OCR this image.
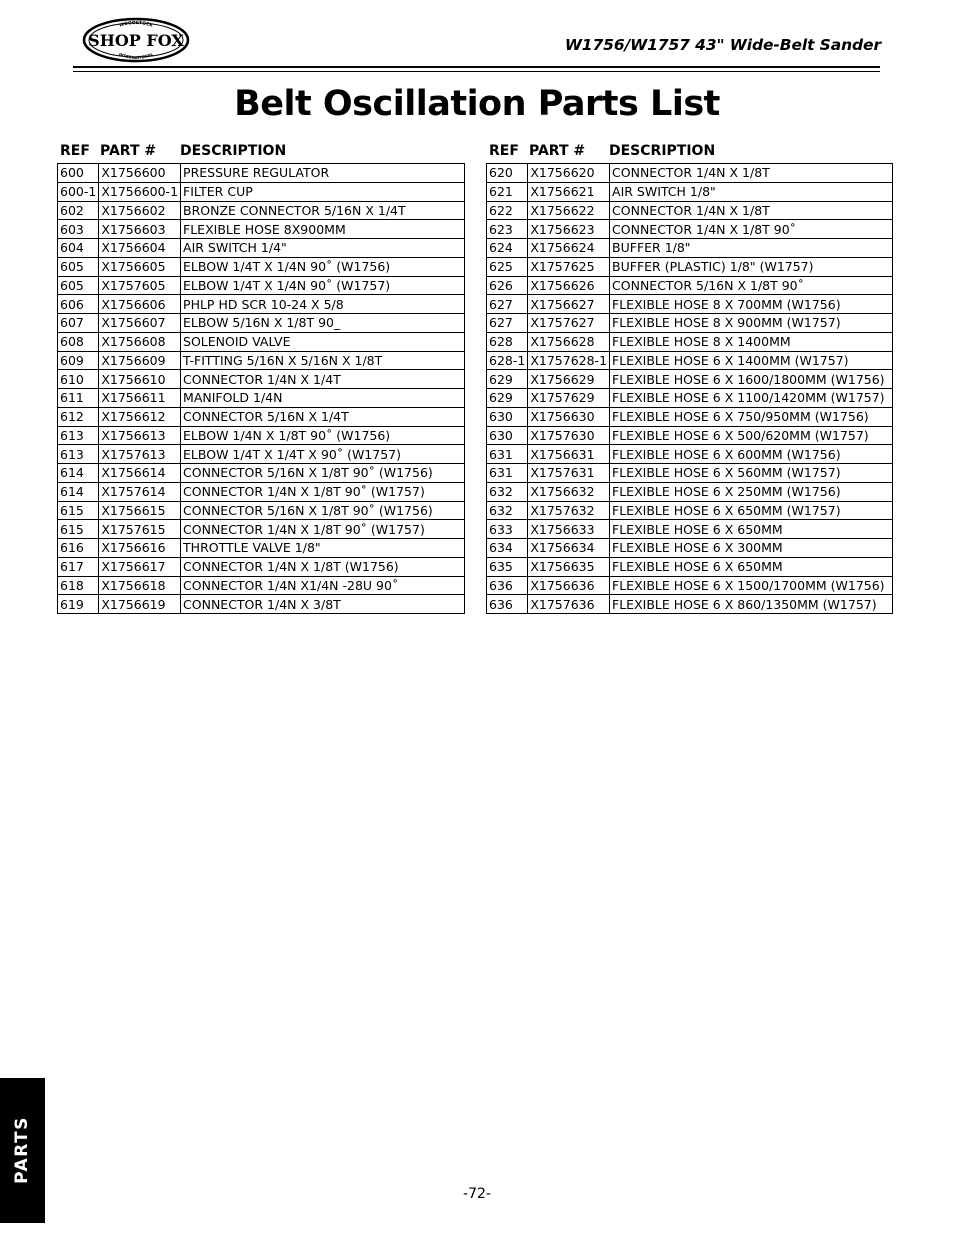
WOODSTOCK
SHOP FOX
INTERNATIONAL
W1756/W1757 43" Wide-Belt Sander
Belt Oscillation Parts List
REF PART # DESCRIPTION
600	X1756600	PRESSURE REGULATOR
600-1	X1756600-1	FILTER CUP
602	X1756602	BRONZE CONNECTOR 5/16N X 1/4T
603	X1756603	FLEXIBLE HOSE 8X900MM
604	X1756604	AIR SWITCH 1/4"
605	X1756605	ELBOW 1/4T X 1/4N 90˚ (W1756)
605	X1757605	ELBOW 1/4T X 1/4N 90˚ (W1757)
606	X1756606	PHLP HD SCR 10-24 X 5/8
607	X1756607	ELBOW 5/16N X 1/8T 90_
608	X1756608	SOLENOID VALVE
609	X1756609	T-FITTING 5/16N X 5/16N X 1/8T
610	X1756610	CONNECTOR 1/4N X 1/4T
611	X1756611	MANIFOLD 1/4N
612	X1756612	CONNECTOR 5/16N X 1/4T
613	X1756613	ELBOW 1/4N X 1/8T 90˚ (W1756)
613	X1757613	ELBOW 1/4T X 1/4T X 90˚ (W1757)
614	X1756614	CONNECTOR 5/16N X 1/8T 90˚ (W1756)
614	X1757614	CONNECTOR 1/4N X 1/8T 90˚ (W1757)
615	X1756615	CONNECTOR 5/16N X 1/8T 90˚ (W1756)
615	X1757615	CONNECTOR 1/4N X 1/8T 90˚ (W1757)
616	X1756616	THROTTLE VALVE 1/8"
617	X1756617	CONNECTOR 1/4N X 1/8T (W1756)
618	X1756618	CONNECTOR 1/4N X1/4N -28U 90˚
619	X1756619	CONNECTOR 1/4N X 3/8T
REF PART # DESCRIPTION
620	X1756620	CONNECTOR 1/4N X 1/8T
621	X1756621	AIR SWITCH 1/8"
622	X1756622	CONNECTOR 1/4N X 1/8T
623	X1756623	CONNECTOR 1/4N X 1/8T 90˚
624	X1756624	BUFFER 1/8"
625	X1757625	BUFFER (PLASTIC) 1/8" (W1757)
626	X1756626	CONNECTOR 5/16N X 1/8T 90˚
627	X1756627	FLEXIBLE HOSE 8 X 700MM (W1756)
627	X1757627	FLEXIBLE HOSE 8 X 900MM (W1757)
628	X1756628	FLEXIBLE HOSE 8 X 1400MM
628-1	X1757628-1	FLEXIBLE HOSE 6 X 1400MM (W1757)
629	X1756629	FLEXIBLE HOSE 6 X 1600/1800MM (W1756)
629	X1757629	FLEXIBLE HOSE 6 X 1100/1420MM (W1757)
630	X1756630	FLEXIBLE HOSE 6 X 750/950MM (W1756)
630	X1757630	FLEXIBLE HOSE 6 X 500/620MM (W1757)
631	X1756631	FLEXIBLE HOSE 6 X 600MM (W1756)
631	X1757631	FLEXIBLE HOSE 6 X 560MM (W1757)
632	X1756632	FLEXIBLE HOSE 6 X 250MM (W1756)
632	X1757632	FLEXIBLE HOSE 6 X 650MM (W1757)
633	X1756633	FLEXIBLE HOSE 6 X 650MM
634	X1756634	FLEXIBLE HOSE 6 X 300MM
635	X1756635	FLEXIBLE HOSE 6 X 650MM
636	X1756636	FLEXIBLE HOSE 6 X 1500/1700MM (W1756)
636	X1757636	FLEXIBLE HOSE 6 X 860/1350MM (W1757)
PARTS
-72-
